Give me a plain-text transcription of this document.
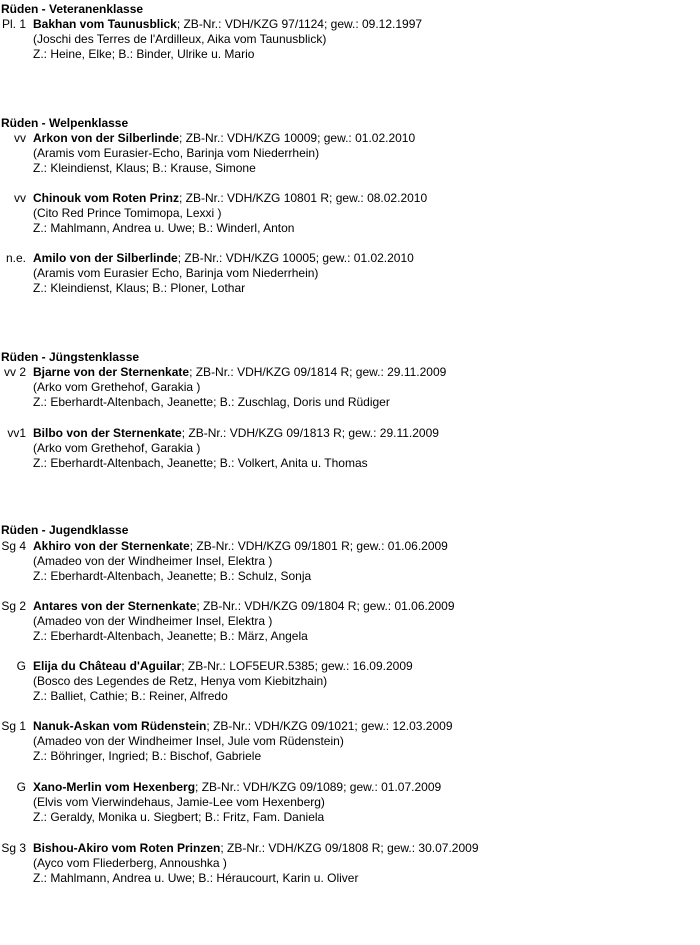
Rüden - Veteranenklasse
Pl. 1 Bakhan vom Taunusblick; ZB-Nr.: VDH/KZG 97/1124; gew.: 09.12.1997
(Joschi des Terres de l'Ardilleux, Aika vom Taunusblick)
Z.: Heine, Elke; B.: Binder, Ulrike u. Mario
Rüden - Welpenklasse
vv Arkon von der Silberlinde; ZB-Nr.: VDH/KZG 10009; gew.: 01.02.2010
(Aramis vom Eurasier-Echo, Barinja vom Niederrhein)
Z.: Kleindienst, Klaus; B.: Krause, Simone
vv Chinouk vom Roten Prinz; ZB-Nr.: VDH/KZG 10801 R; gew.: 08.02.2010
(Cito Red Prince Tomimopa, Lexxi )
Z.: Mahlmann, Andrea u. Uwe; B.: Winderl, Anton
n.e. Amilo von der Silberlinde; ZB-Nr.: VDH/KZG 10005; gew.: 01.02.2010
(Aramis vom Eurasier Echo, Barinja vom Niederrhein)
Z.: Kleindienst, Klaus; B.: Ploner, Lothar
Rüden - Jüngstenklasse
vv 2 Bjarne von der Sternenkate; ZB-Nr.: VDH/KZG 09/1814 R; gew.: 29.11.2009
(Arko vom Grethehof, Garakia )
Z.: Eberhardt-Altenbach, Jeanette; B.: Zuschlag, Doris und Rüdiger
vv1 Bilbo von der Sternenkate; ZB-Nr.: VDH/KZG 09/1813 R; gew.: 29.11.2009
(Arko vom Grethehof, Garakia )
Z.: Eberhardt-Altenbach, Jeanette; B.: Volkert, Anita u. Thomas
Rüden - Jugendklasse
Sg 4 Akhiro von der Sternenkate; ZB-Nr.: VDH/KZG 09/1801 R; gew.: 01.06.2009
(Amadeo von der Windheimer Insel, Elektra )
Z.: Eberhardt-Altenbach, Jeanette; B.: Schulz, Sonja
Sg 2 Antares von der Sternenkate; ZB-Nr.: VDH/KZG 09/1804 R; gew.: 01.06.2009
(Amadeo von der Windheimer Insel, Elektra )
Z.: Eberhardt-Altenbach, Jeanette; B.: März, Angela
G Elija du Château d'Aguilar; ZB-Nr.: LOF5EUR.5385; gew.: 16.09.2009
(Bosco des Legendes de Retz, Henya vom Kiebitzhain)
Z.: Balliet, Cathie; B.: Reiner, Alfredo
Sg 1 Nanuk-Askan vom Rüdenstein; ZB-Nr.: VDH/KZG 09/1021; gew.: 12.03.2009
(Amadeo von der Windheimer Insel, Jule vom Rüdenstein)
Z.: Böhringer, Ingried; B.: Bischof, Gabriele
G Xano-Merlin vom Hexenberg; ZB-Nr.: VDH/KZG 09/1089; gew.: 01.07.2009
(Elvis vom Vierwindehaus, Jamie-Lee vom Hexenberg)
Z.: Geraldy, Monika u. Siegbert; B.: Fritz, Fam. Daniela
Sg 3 Bishou-Akiro vom Roten Prinzen; ZB-Nr.: VDH/KZG 09/1808 R; gew.: 30.07.2009
(Ayco vom Fliederberg, Annoushka )
Z.: Mahlmann, Andrea u. Uwe; B.: Héraucourt, Karin u. Oliver
